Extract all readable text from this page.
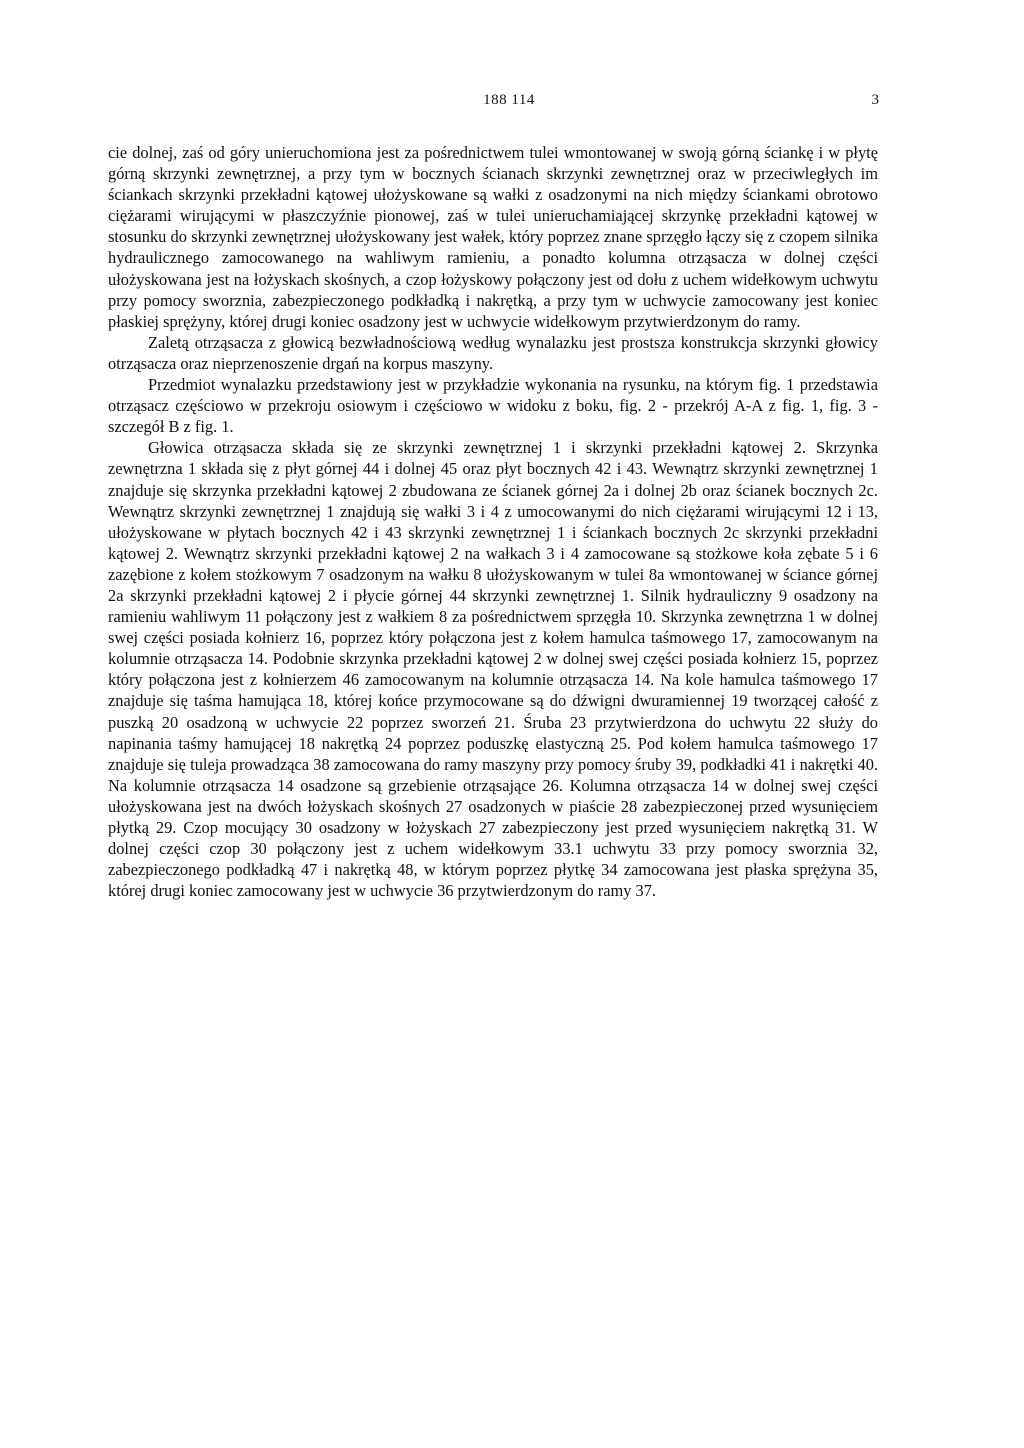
188 114	3

cie dolnej, zaś od góry unieruchomiona jest za pośrednictwem tulei wmontowanej w swoją górną ściankę i w płytę górną skrzynki zewnętrznej, a przy tym w bocznych ścianach skrzynki zewnętrznej oraz w przeciwległych im ściankach skrzynki przekładni kątowej ułożyskowane są wałki z osadzonymi na nich między ściankami obrotowo ciężarami wirującymi w płaszczyźnie pionowej, zaś w tulei unieruchamiającej skrzynkę przekładni kątowej w stosunku do skrzynki zewnętrznej ułożyskowany jest wałek, który poprzez znane sprzęgło łączy się z czopem silnika hydraulicznego zamocowanego na wahliwym ramieniu, a ponadto kolumna otrząsacza w dolnej części ułożyskowana jest na łożyskach skośnych, a czop łożyskowy połączony jest od dołu z uchem widełkowym uchwytu przy pomocy sworznia, zabezpieczonego podkładką i nakrętką, a przy tym w uchwycie zamocowany jest koniec płaskiej sprężyny, której drugi koniec osadzony jest w uchwycie widełkowym przytwierdzonym do ramy.

Zaletą otrząsacza z głowicą bezwładnościową według wynalazku jest prostsza konstrukcja skrzynki głowicy otrząsacza oraz nieprzenoszenie drgań na korpus maszyny.

Przedmiot wynalazku przedstawiony jest w przykładzie wykonania na rysunku, na którym fig. 1 przedstawia otrząsacz częściowo w przekroju osiowym i częściowo w widoku z boku, fig. 2 - przekrój A-A z fig. 1, fig. 3 - szczegół B z fig. 1.

Głowica otrząsacza składa się ze skrzynki zewnętrznej 1 i skrzynki przekładni kątowej 2. Skrzynka zewnętrzna 1 składa się z płyt górnej 44 i dolnej 45 oraz płyt bocznych 42 i 43. Wewnątrz skrzynki zewnętrznej 1 znajduje się skrzynka przekładni kątowej 2 zbudowana ze ścianek górnej 2a i dolnej 2b oraz ścianek bocznych 2c. Wewnątrz skrzynki zewnętrznej 1 znajdują się wałki 3 i 4 z umocowanymi do nich ciężarami wirującymi 12 i 13, ułożyskowane w płytach bocznych 42 i 43 skrzynki zewnętrznej 1 i ściankach bocznych 2c skrzynki przekładni kątowej 2. Wewnątrz skrzynki przekładni kątowej 2 na wałkach 3 i 4 zamocowane są stożkowe koła zębate 5 i 6 zazębione z kołem stożkowym 7 osadzonym na wałku 8 ułożyskowanym w tulei 8a wmontowanej w ściance górnej 2a skrzynki przekładni kątowej 2 i płycie górnej 44 skrzynki zewnętrznej 1. Silnik hydrauliczny 9 osadzony na ramieniu wahliwym 11 połączony jest z wałkiem 8 za pośrednictwem sprzęgła 10. Skrzynka zewnętrzna 1 w dolnej swej części posiada kołnierz 16, poprzez który połączona jest z kołem hamulca taśmowego 17, zamocowanym na kolumnie otrząsacza 14. Podobnie skrzynka przekładni kątowej 2 w dolnej swej części posiada kołnierz 15, poprzez który połączona jest z kołnierzem 46 zamocowanym na kolumnie otrząsacza 14. Na kole hamulca taśmowego 17 znajduje się taśma hamująca 18, której końce przymocowane są do dźwigni dwuramiennej 19 tworzącej całość z puszką 20 osadzoną w uchwycie 22 poprzez sworzeń 21. Śruba 23 przytwierdzona do uchwytu 22 służy do napinania taśmy hamującej 18 nakrętką 24 poprzez poduszkę elastyczną 25. Pod kołem hamulca taśmowego 17 znajduje się tuleja prowadząca 38 zamocowana do ramy maszyny przy pomocy śruby 39, podkładki 41 i nakrętki 40. Na kolumnie otrząsacza 14 osadzone są grzebienie otrząsające 26. Kolumna otrząsacza 14 w dolnej swej części ułożyskowana jest na dwóch łożyskach skośnych 27 osadzonych w piaście 28 zabezpieczonej przed wysunięciem płytką 29. Czop mocujący 30 osadzony w łożyskach 27 zabezpieczony jest przed wysunięciem nakrętką 31. W dolnej części czop 30 połączony jest z uchem widełkowym 33.1 uchwytu 33 przy pomocy sworznia 32, zabezpieczonego podkładką 47 i nakrętką 48, w którym poprzez płytkę 34 zamocowana jest płaska sprężyna 35, której drugi koniec zamocowany jest w uchwycie 36 przytwierdzonym do ramy 37.
